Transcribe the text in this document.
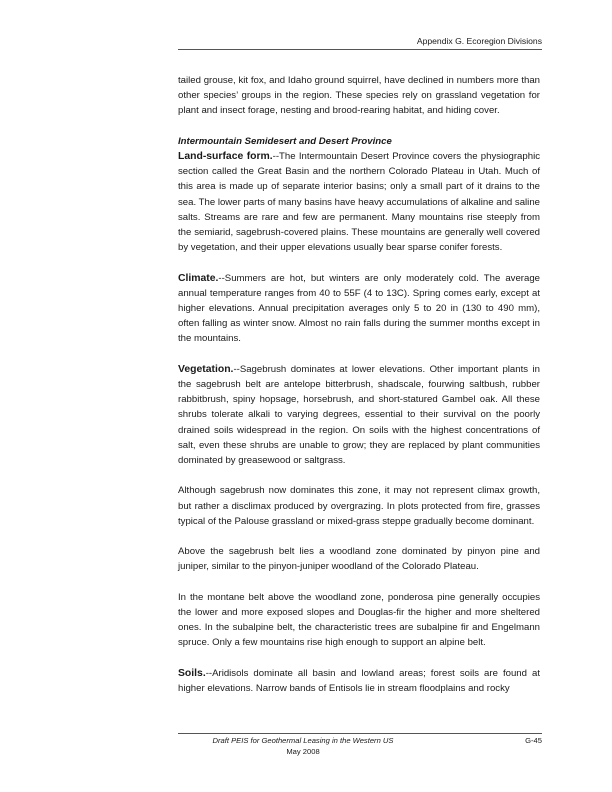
Appendix G. Ecoregion Divisions

tailed grouse, kit fox, and Idaho ground squirrel, have declined in numbers more than other species’ groups in the region. These species rely on grassland vegetation for plant and insect forage, nesting and brood-rearing habitat, and hiding cover.

Intermountain Semidesert and Desert Province

Land-surface form.--The Intermountain Desert Province covers the physiographic section called the Great Basin and the northern Colorado Plateau in Utah. Much of this area is made up of separate interior basins; only a small part of it drains to the sea. The lower parts of many basins have heavy accumulations of alkaline and saline salts. Streams are rare and few are permanent. Many mountains rise steeply from the semiarid, sagebrush-covered plains. These mountains are generally well covered by vegetation, and their upper elevations usually bear sparse conifer forests.

Climate.--Summers are hot, but winters are only moderately cold. The average annual temperature ranges from 40 to 55F (4 to 13C). Spring comes early, except at higher elevations. Annual precipitation averages only 5 to 20 in (130 to 490 mm), often falling as winter snow. Almost no rain falls during the summer months except in the mountains.

Vegetation.--Sagebrush dominates at lower elevations. Other important plants in the sagebrush belt are antelope bitterbrush, shadscale, fourwing saltbush, rubber rabbitbrush, spiny hopsage, horsebrush, and short-statured Gambel oak. All these shrubs tolerate alkali to varying degrees, essential to their survival on the poorly drained soils widespread in the region. On soils with the highest concentrations of salt, even these shrubs are unable to grow; they are replaced by plant communities dominated by greasewood or saltgrass.

Although sagebrush now dominates this zone, it may not represent climax growth, but rather a disclimax produced by overgrazing. In plots protected from fire, grasses typical of the Palouse grassland or mixed-grass steppe gradually become dominant.

Above the sagebrush belt lies a woodland zone dominated by pinyon pine and juniper, similar to the pinyon-juniper woodland of the Colorado Plateau.

In the montane belt above the woodland zone, ponderosa pine generally occupies the lower and more exposed slopes and Douglas-fir the higher and more sheltered ones. In the subalpine belt, the characteristic trees are subalpine fir and Engelmann spruce. Only a few mountains rise high enough to support an alpine belt.

Soils.--Aridisols dominate all basin and lowland areas; forest soils are found at higher elevations. Narrow bands of Entisols lie in stream floodplains and rocky

Draft PEIS for Geothermal Leasing in the Western US
May 2008
G-45
